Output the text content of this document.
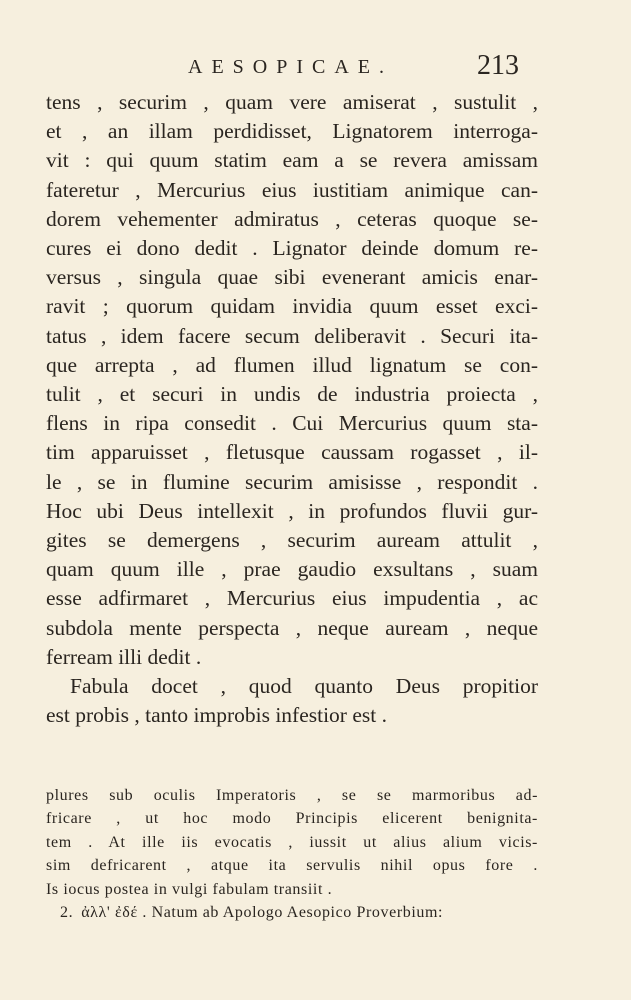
AESOPICAE.	213
tens , securim , quam vere amiserat , sustulit ,
et , an illam perdidisset, Lignatorem interroga-
vit : qui quum statim eam a se revera amissam
fateretur , Mercurius eius iustitiam animique can-
dorem vehementer admiratus , ceteras quoque se-
cures ei dono dedit . Lignator deinde domum re-
versus , singula quae sibi evenerant amicis enar-
ravit ; quorum quidam invidia quum esset exci-
tatus , idem facere secum deliberavit . Securi ita-
que arrepta , ad flumen illud lignatum se con-
tulit , et securi in undis de industria proiecta ,
flens in ripa consedit . Cui Mercurius quum sta-
tim apparuisset , fletusque caussam rogasset , il-
le , se in flumine securim amisisse , respondit .
Hoc ubi Deus intellexit , in profundos fluvii gur-
gites se demergens , securim auream attulit ,
quam quum ille , prae gaudio exsultans , suam
esse adfirmaret , Mercurius eius impudentia , ac
subdola mente perspecta , neque auream , neque
ferream illi dedit .
Fabula docet , quod quanto Deus propitior
est probis , tanto improbis infestior est .
plures sub oculis Imperatoris , se se marmoribus ad-
fricare , ut hoc modo Principis elicerent benignita-
tem . At ille iis evocatis , iussit ut alius alium vicis-
sim defricarent , atque ita servulis nihil opus fore .
Is iocus postea in vulgi fabulam transiit .
2. ἀλλ' ἐδέ . Natum ab Apologo Aesopico Proverbium:
